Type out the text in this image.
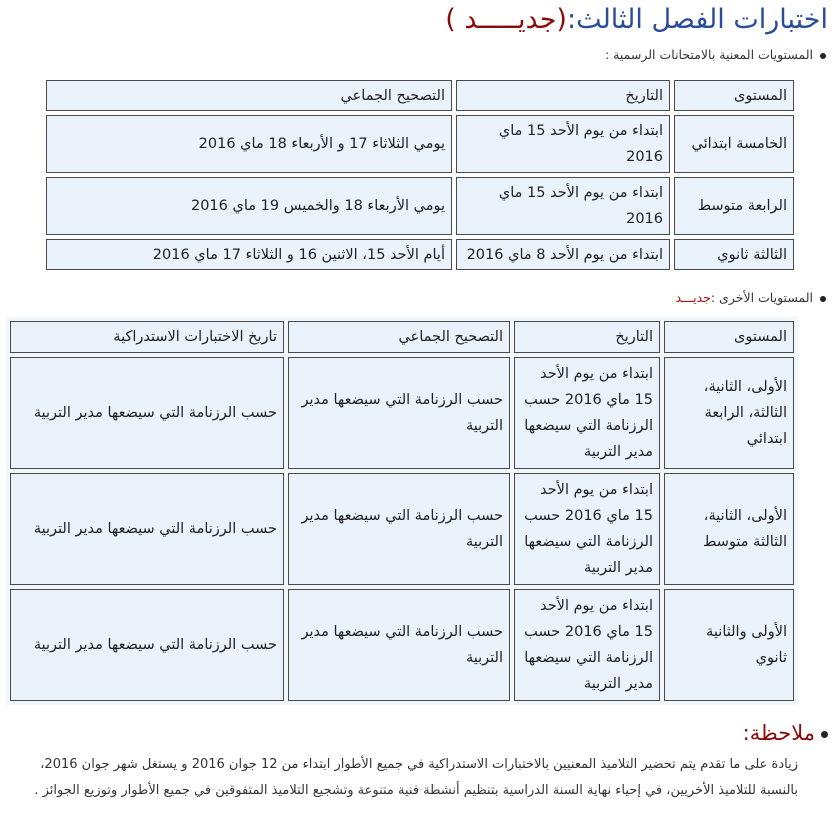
اختبارات الفصل الثالث:(جديـــــد )
المستويات المعنية بالامتحانات الرسمية :
المستوى	التاريخ	التصحيح الجماعي
الخامسة ابتدائي	ابتداء من يوم الأحد 15 ماي 2016	يومي الثلاثاء 17 و الأربعاء 18 ماي 2016
الرابعة متوسط	ابتداء من يوم الأحد 15 ماي 2016	يومي الأربعاء 18 والخميس 19 ماي 2016
الثالثة ثانوي	ابتداء من يوم الأحد 8 ماي 2016	أيام الأحد 15، الاثنين 16 و الثلاثاء 17 ماي 2016
المستويات الأخرى :جديـــد
المستوى	التاريخ	التصحيح الجماعي	تاريخ الاختبارات الاستدراكية
الأولى، الثانية، الثالثة، الرابعة ابتدائي	ابتداء من يوم الأحد 15 ماي 2016 حسب الرزنامة التي سيضعها مدير التربية	حسب الرزنامة التي سيضعها مدير التربية	حسب الرزنامة التي سيضعها مدير التربية
الأولى، الثانية، الثالثة متوسط	ابتداء من يوم الأحد 15 ماي 2016 حسب الرزنامة التي سيضعها مدير التربية	حسب الرزنامة التي سيضعها مدير التربية	حسب الرزنامة التي سيضعها مدير التربية
الأولى والثانية ثانوي	ابتداء من يوم الأحد 15 ماي 2016 حسب الرزنامة التي سيضعها مدير التربية	حسب الرزنامة التي سيضعها مدير التربية	حسب الرزنامة التي سيضعها مدير التربية
ملاحظة:

زيادة على ما تقدم يتم تحضير التلاميذ المعنيين بالاختبارات الاستدراكية في جميع الأطوار ابتداء من 12 جوان 2016 و يستغل شهر جوان 2016، بالنسبة للتلاميذ الأخريين، في إحياء نهاية السنة الدراسية بتنظيم أنشطة فنية متنوعة وتشجيع التلاميذ المتفوقين في جميع الأطوار وتوزيع الجوائز .
